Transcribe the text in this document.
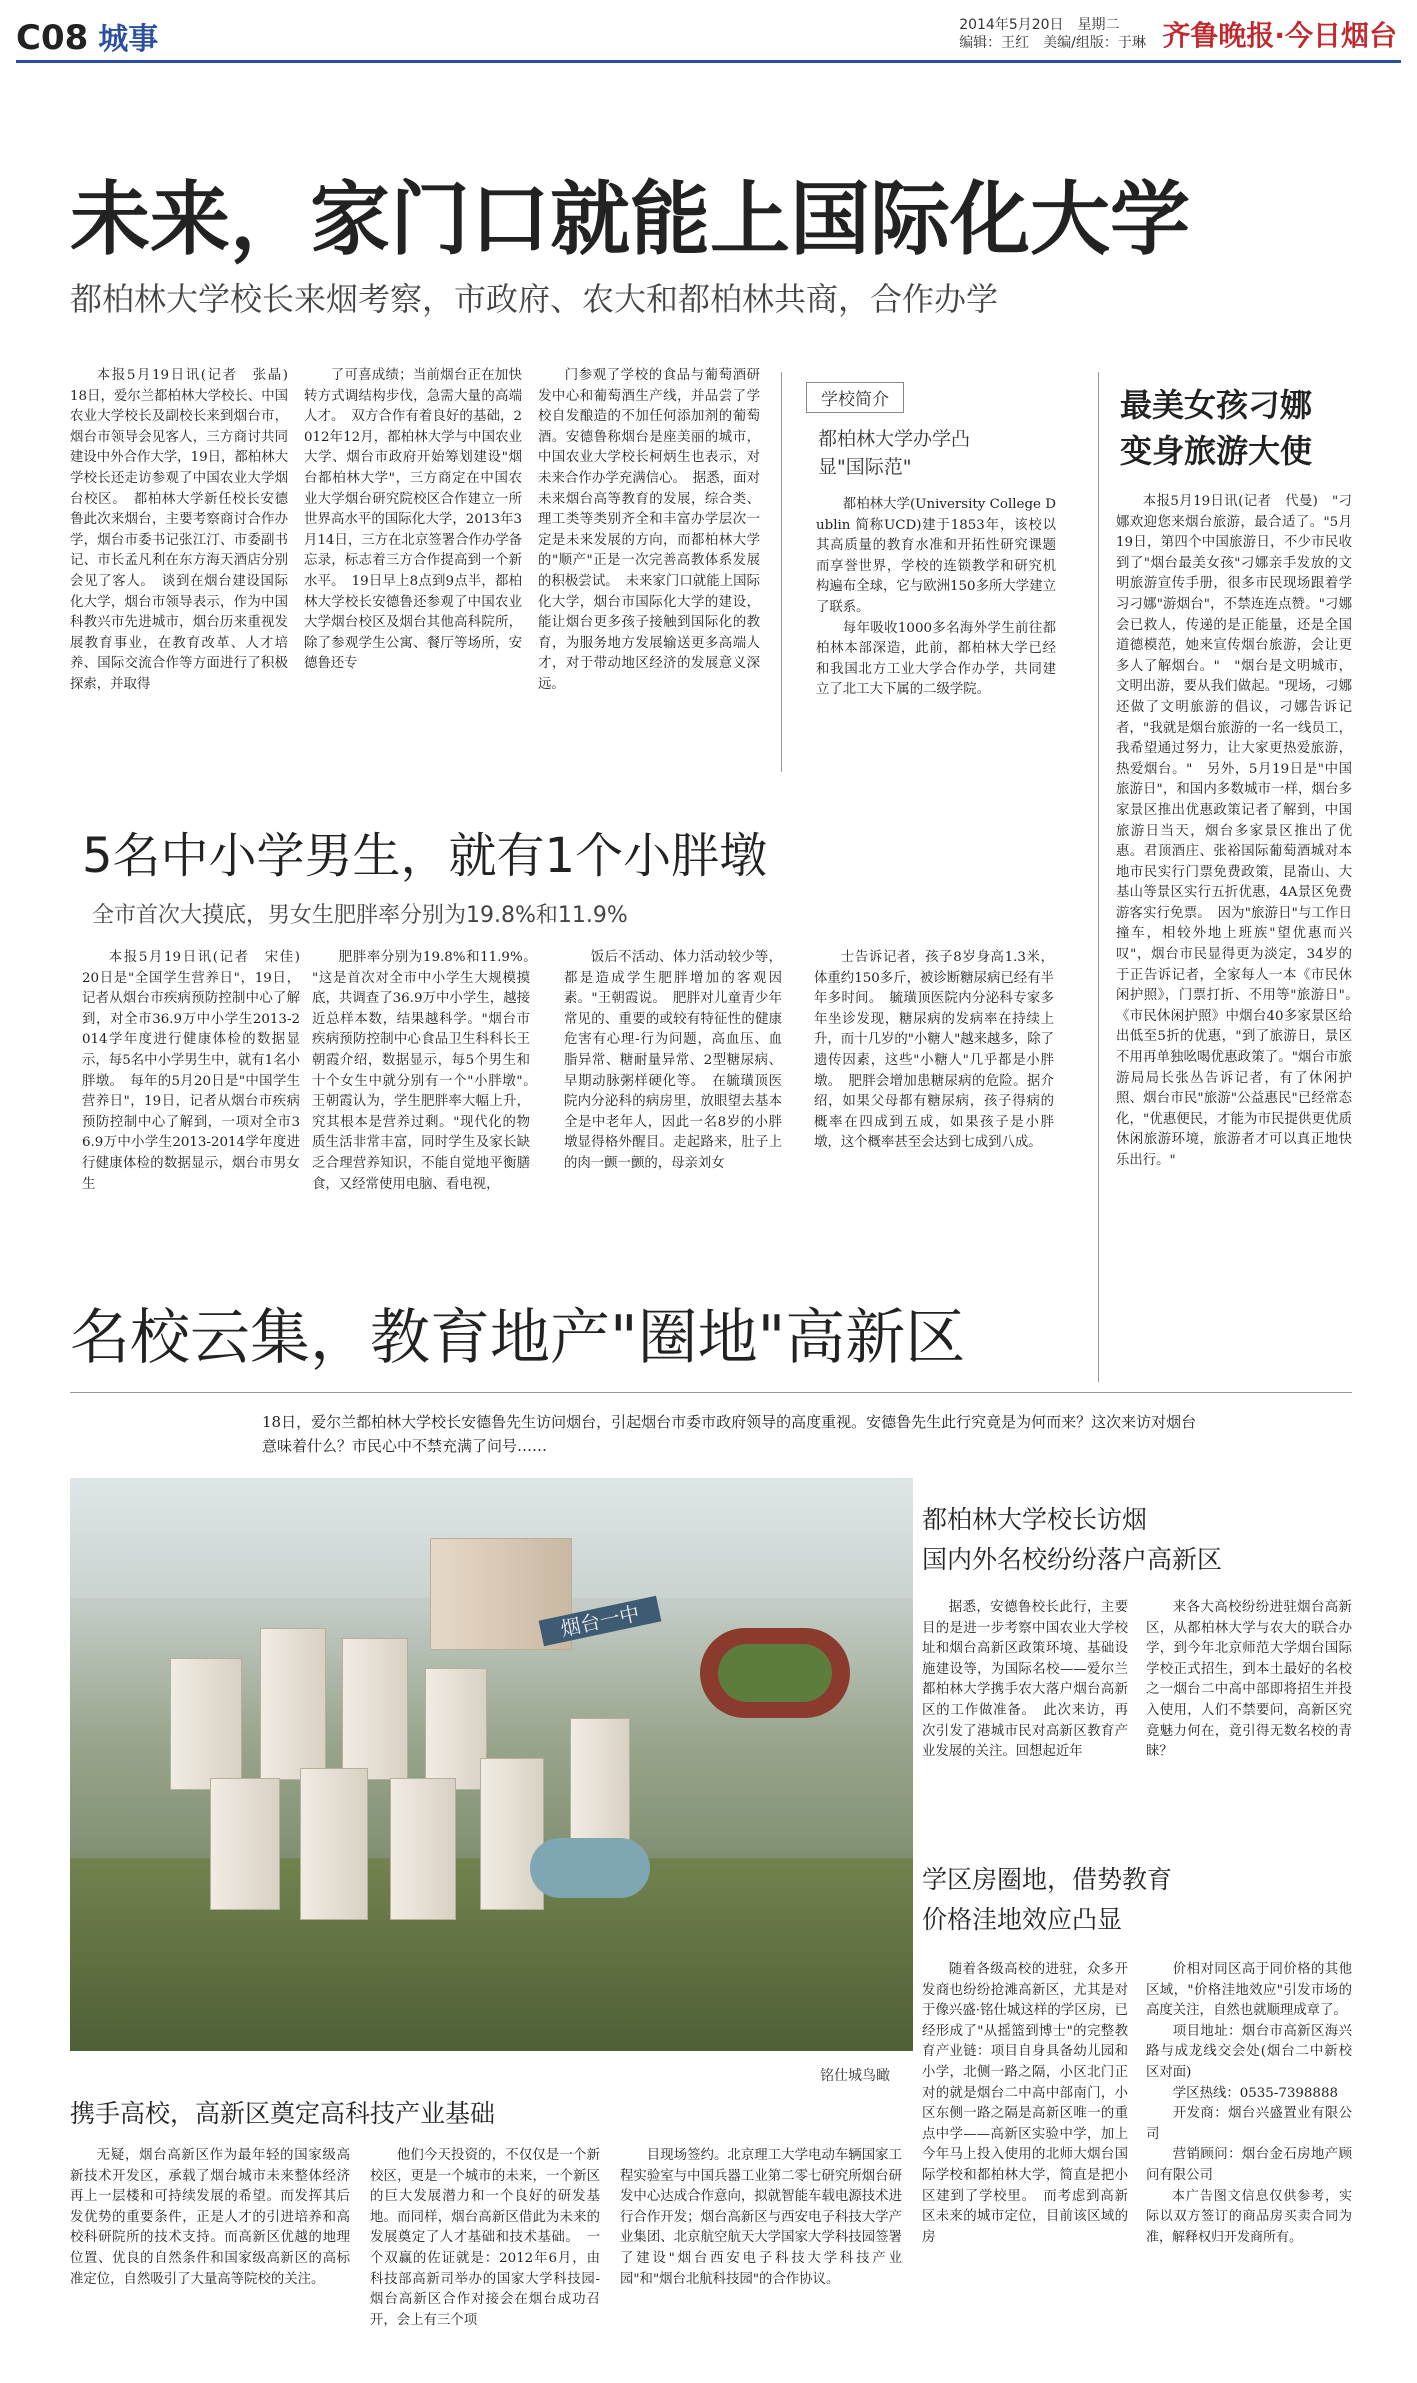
C08 城事	2014年5月20日　星期二
编辑：王红　美编/组版：于琳 齐鲁晚报·今日烟台
未来，家门口就能上国际化大学
都柏林大学校长来烟考察，市政府、农大和都柏林共商，合作办学

本报5月19日讯(记者　张晶)　18日，爱尔兰都柏林大学校长、中国农业大学校长及副校长来到烟台市，烟台市领导会见客人，三方商讨共同建设中外合作大学，19日，都柏林大学校长还走访参观了中国农业大学烟台校区。　都柏林大学新任校长安德鲁此次来烟台，主要考察商讨合作办学，烟台市委书记张江汀、市委副书记、市长孟凡利在东方海天酒店分别会见了客人。　谈到在烟台建设国际化大学，烟台市领导表示，作为中国科教兴市先进城市，烟台历来重视发展教育事业，在教育改革、人才培养、国际交流合作等方面进行了积极探索，并取得

了可喜成绩；当前烟台正在加快转方式调结构步伐，急需大量的高端人才。　双方合作有着良好的基础，2012年12月，都柏林大学与中国农业大学、烟台市政府开始筹划建设"烟台都柏林大学"，三方商定在中国农业大学烟台研究院校区合作建立一所世界高水平的国际化大学，2013年3月14日，三方在北京签署合作办学备忘录，标志着三方合作提高到一个新水平。　19日早上8点到9点半，都柏林大学校长安德鲁还参观了中国农业大学烟台校区及烟台其他高科院所，除了参观学生公寓、餐厅等场所，安德鲁还专

门参观了学校的食品与葡萄酒研发中心和葡萄酒生产线，并品尝了学校自发酿造的不加任何添加剂的葡萄酒。安德鲁称烟台是座美丽的城市，中国农业大学校长柯炳生也表示，对未来合作办学充满信心。　据悉，面对未来烟台高等教育的发展，综合类、理工类等类别齐全和丰富办学层次一定是未来发展的方向，而都柏林大学的"顺产"正是一次完善高教体系发展的积极尝试。　未来家门口就能上国际化大学，烟台市国际化大学的建设，能让烟台更多孩子接触到国际化的教育，为服务地方发展输送更多高端人才，对于带动地区经济的发展意义深远。

学校简介
都柏林大学办学凸显"国际范"

都柏林大学(University College Dublin 简称UCD)建于1853年，该校以其高质量的教育水准和开拓性研究课题而享誉世界，学校的连锁教学和研究机构遍布全球，它与欧洲150多所大学建立了联系。

每年吸收1000多名海外学生前往都柏林本部深造，此前，都柏林大学已经和我国北方工业大学合作办学，共同建立了北工大下属的二级学院。

最美女孩刁娜
变身旅游大使

本报5月19日讯(记者　代曼)　"刁娜欢迎您来烟台旅游，最合适了。"5月19日，第四个中国旅游日，不少市民收到了"烟台最美女孩"刁娜亲手发放的文明旅游宣传手册，很多市民现场跟着学习刁娜"游烟台"，不禁连连点赞。"刁娜会已救人，传递的是正能量，还是全国道德模范，她来宣传烟台旅游，会让更多人了解烟台。"　"烟台是文明城市，文明出游，要从我们做起。"现场，刁娜还做了文明旅游的倡议，刁娜告诉记者，"我就是烟台旅游的一名一线员工，我希望通过努力，让大家更热爱旅游，热爱烟台。"　另外，5月19日是"中国旅游日"，和国内多数城市一样，烟台多家景区推出优惠政策记者了解到，中国旅游日当天，烟台多家景区推出了优惠。君顶酒庄、张裕国际葡萄酒城对本地市民实行门票免费政策，昆嵛山、大基山等景区实行五折优惠，4A景区免费游客实行免票。　因为"旅游日"与工作日撞车，相较外地上班族"望优惠而兴叹"，烟台市民显得更为淡定，34岁的于正告诉记者，全家每人一本《市民休闲护照》，门票打折、不用等"旅游日"。　《市民休闲护照》中烟台40多家景区给出低至5折的优惠，"到了旅游日，景区不用再单独吆喝优惠政策了。"烟台市旅游局局长张丛告诉记者，有了休闲护照、烟台市民"旅游"公益惠民"已经常态化，"优惠便民，才能为市民提供更优质休闲旅游环境，旅游者才可以真正地快乐出行。"

5名中小学男生，就有1个小胖墩
全市首次大摸底，男女生肥胖率分别为19.8%和11.9%

本报5月19日讯(记者　宋佳)　20日是"全国学生营养日"，19日，记者从烟台市疾病预防控制中心了解到，对全市36.9万中小学生2013-2014学年度进行健康体检的数据显示，每5名中小学男生中，就有1名小胖墩。　每年的5月20日是"中国学生营养日"，19日，记者从烟台市疾病预防控制中心了解到，一项对全市36.9万中小学生2013-2014学年度进行健康体检的数据显示，烟台市男女生

肥胖率分别为19.8%和11.9%。　"这是首次对全市中小学生大规模摸底，共调查了36.9万中小学生，越接近总样本数，结果越科学。"烟台市疾病预防控制中心食品卫生科科长王朝霞介绍，数据显示，每5个男生和十个女生中就分别有一个"小胖墩"。　王朝霞认为，学生肥胖率大幅上升，究其根本是营养过剩。"现代化的物质生活非常丰富，同时学生及家长缺乏合理营养知识，不能自觉地平衡膳食，又经常使用电脑、看电视，

饭后不活动、体力活动较少等，都是造成学生肥胖增加的客观因素。"王朝霞说。　肥胖对儿童青少年常见的、重要的或较有特征性的健康危害有心理-行为问题，高血压、血脂异常、糖耐量异常、2型糖尿病、早期动脉粥样硬化等。　在毓璜顶医院内分泌科的病房里，放眼望去基本全是中老年人，因此一名8岁的小胖墩显得格外醒目。走起路来，肚子上的肉一颤一颤的，母亲刘女

士告诉记者，孩子8岁身高1.3米，体重约150多斤，被诊断糖尿病已经有半年多时间。　毓璜顶医院内分泌科专家多年坐诊发现，糖尿病的发病率在持续上升，而十几岁的"小糖人"越来越多，除了遗传因素，这些"小糖人"几乎都是小胖墩。　肥胖会增加患糖尿病的危险。据介绍，如果父母都有糖尿病，孩子得病的概率在四成到五成，如果孩子是小胖墩，这个概率甚至会达到七成到八成。

名校云集，教育地产"圈地"高新区

18日，爱尔兰都柏林大学校长安德鲁先生访问烟台，引起烟台市委市政府领导的高度重视。安德鲁先生此行究竟是为何而来？这次来访对烟台意味着什么？市民心中不禁充满了问号……

烟台一中
铭仕城鸟瞰
都柏林大学校长访烟
国内外名校纷纷落户高新区

据悉，安德鲁校长此行，主要目的是进一步考察中国农业大学校址和烟台高新区政策环境、基础设施建设等，为国际名校——爱尔兰都柏林大学携手农大落户烟台高新区的工作做准备。　此次来访，再次引发了港城市民对高新区教育产业发展的关注。回想起近年

来各大高校纷纷进驻烟台高新区，从都柏林大学与农大的联合办学，到今年北京师范大学烟台国际学校正式招生，到本土最好的名校之一烟台二中高中部即将招生并投入使用，人们不禁要问，高新区究竟魅力何在，竟引得无数名校的青睐？

学区房圈地，借势教育
价格洼地效应凸显

随着各级高校的进驻，众多开发商也纷纷抢滩高新区，尤其是对于像兴盛·铭仕城这样的学区房，已经形成了"从摇篮到博士"的完整教育产业链：项目自身具备幼儿园和小学，北侧一路之隔，小区北门正对的就是烟台二中高中部南门，小区东侧一路之隔是高新区唯一的重点中学——高新区实验中学，加上今年马上投入使用的北师大烟台国际学校和都柏林大学，简直是把小区建到了学校里。　而考虑到高新区未来的城市定位，目前该区域的房

价相对同区高于同价格的其他区域，"价格洼地效应"引发市场的高度关注，自然也就顺理成章了。

项目地址：烟台市高新区海兴路与成龙线交会处(烟台二中新校区对面)

学区热线：0535-7398888

开发商：烟台兴盛置业有限公司

营销顾问：烟台金石房地产顾问有限公司

本广告图文信息仅供参考，实际以双方签订的商品房买卖合同为准，解释权归开发商所有。

携手高校，高新区奠定高科技产业基础

无疑，烟台高新区作为最年轻的国家级高新技术开发区，承载了烟台城市未来整体经济再上一层楼和可持续发展的希望。而发挥其后发优势的重要条件，正是人才的引进培养和高校科研院所的技术支持。而高新区优越的地理位置、优良的自然条件和国家级高新区的高标准定位，自然吸引了大量高等院校的关注。

他们今天投资的，不仅仅是一个新校区，更是一个城市的未来，一个新区的巨大发展潜力和一个良好的研发基地。而同样，烟台高新区借此为未来的发展奠定了人才基础和技术基础。　一个双赢的佐证就是：2012年6月，由科技部高新司举办的国家大学科技园-烟台高新区合作对接会在烟台成功召开，会上有三个项

目现场签约。北京理工大学电动车辆国家工程实验室与中国兵器工业第二零七研究所烟台研发中心达成合作意向，拟就智能车载电源技术进行合作开发；烟台高新区与西安电子科技大学产业集团、北京航空航天大学国家大学科技园签署了建设"烟台西安电子科技大学科技产业园"和"烟台北航科技园"的合作协议。
